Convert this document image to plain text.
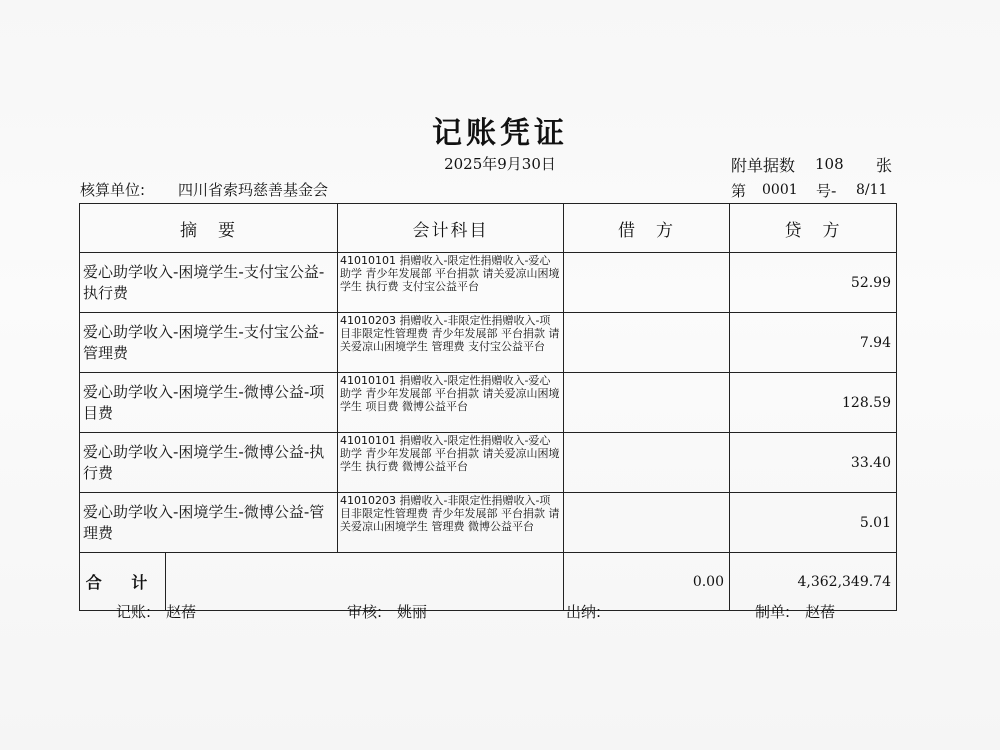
记账凭证
2025年9月30日	附单据数 108 张
核算单位: 四川省索玛慈善基金会	第 0001 号- 8/11
摘　要		会计科目	借　方	贷　方
爱心助学收入-困境学生-支付宝公益-执行费		41010101 捐赠收入-限定性捐赠收入-爱心助学 青少年发展部 平台捐款 请关爱凉山困境学生 执行费 支付宝公益平台		52.99
爱心助学收入-困境学生-支付宝公益-管理费		41010203 捐赠收入-非限定性捐赠收入-项目非限定性管理费 青少年发展部 平台捐款 请关爱凉山困境学生 管理费 支付宝公益平台		7.94
爱心助学收入-困境学生-微博公益-项目费		41010101 捐赠收入-限定性捐赠收入-爱心助学 青少年发展部 平台捐款 请关爱凉山困境学生 项目费 微博公益平台		128.59
爱心助学收入-困境学生-微博公益-执行费		41010101 捐赠收入-限定性捐赠收入-爱心助学 青少年发展部 平台捐款 请关爱凉山困境学生 执行费 微博公益平台		33.40
爱心助学收入-困境学生-微博公益-管理费		41010203 捐赠收入-非限定性捐赠收入-项目非限定性管理费 青少年发展部 平台捐款 请关爱凉山困境学生 管理费 微博公益平台		5.01
合 计			0.00	4,362,349.74
记账:　赵蓓	审核:　姚丽	出纳:	制单:　赵蓓
